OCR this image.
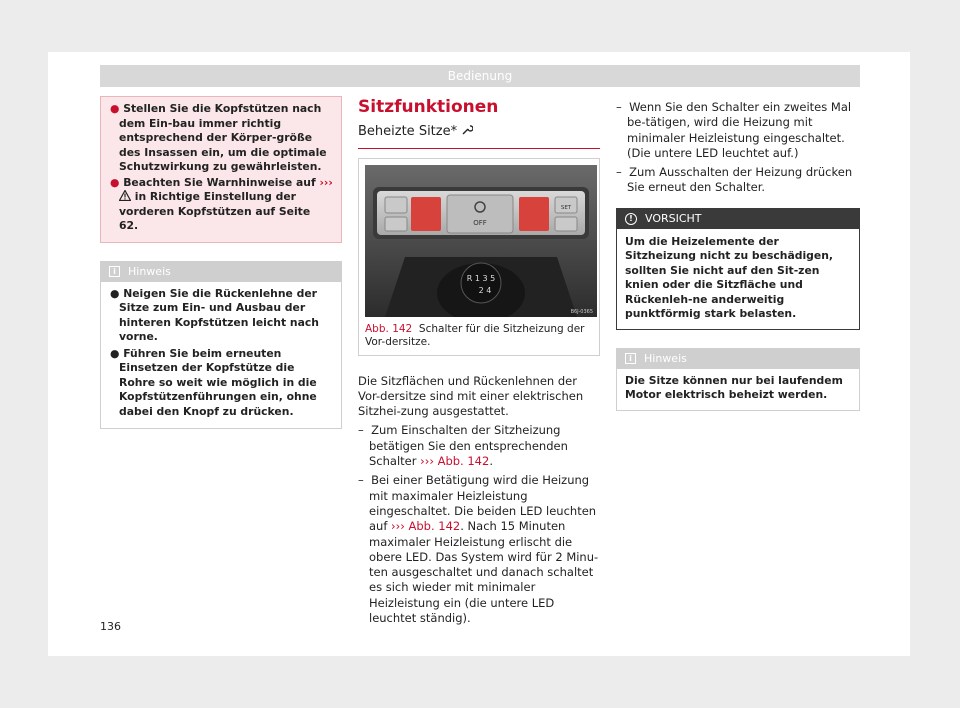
Bedienung
● Stellen Sie die Kopfstützen nach dem Ein-bau immer richtig entsprechend der Körper-größe des Insassen ein, um die optimale Schutzwirkung zu gewährleisten.
● Beachten Sie Warnhinweise auf ›››  in Richtige Einstellung der vorderen Kopfstützen auf Seite 62.
i Hinweis
● Neigen Sie die Rückenlehne der Sitze zum Ein- und Ausbau der hinteren Kopfstützen leicht nach vorne.
● Führen Sie beim erneuten Einsetzen der Kopfstütze die Rohre so weit wie möglich in die Kopfstützenführungen ein, ohne dabei den Knopf zu drücken.
Sitzfunktionen
Beheizte Sitze*
OFF
SET
R 1 3 5
2 4
B6J-0365
Abb. 142 Schalter für die Sitzheizung der Vor-dersitze.
Die Sitzflächen und Rückenlehnen der Vor-dersitze sind mit einer elektrischen Sitzhei-zung ausgestattet.
– Zum Einschalten der Sitzheizung betätigen Sie den entsprechenden Schalter ››› Abb. 142.
– Bei einer Betätigung wird die Heizung mit maximaler Heizleistung eingeschaltet. Die beiden LED leuchten auf ››› Abb. 142. Nach 15 Minuten maximaler Heizleistung erlischt die obere LED. Das System wird für 2 Minu-ten ausgeschaltet und danach schaltet es sich wieder mit minimaler Heizleistung ein (die untere LED leuchtet ständig).
– Wenn Sie den Schalter ein zweites Mal be-tätigen, wird die Heizung mit minimaler Heizleistung eingeschaltet. (Die untere LED leuchtet auf.)
– Zum Ausschalten der Heizung drücken Sie erneut den Schalter.
! VORSICHT
Um die Heizelemente der Sitzheizung nicht zu beschädigen, sollten Sie nicht auf den Sit-zen knien oder die Sitzfläche und Rückenleh-ne anderweitig punktförmig stark belasten.
i Hinweis
Die Sitze können nur bei laufendem Motor elektrisch beheizt werden.
136
